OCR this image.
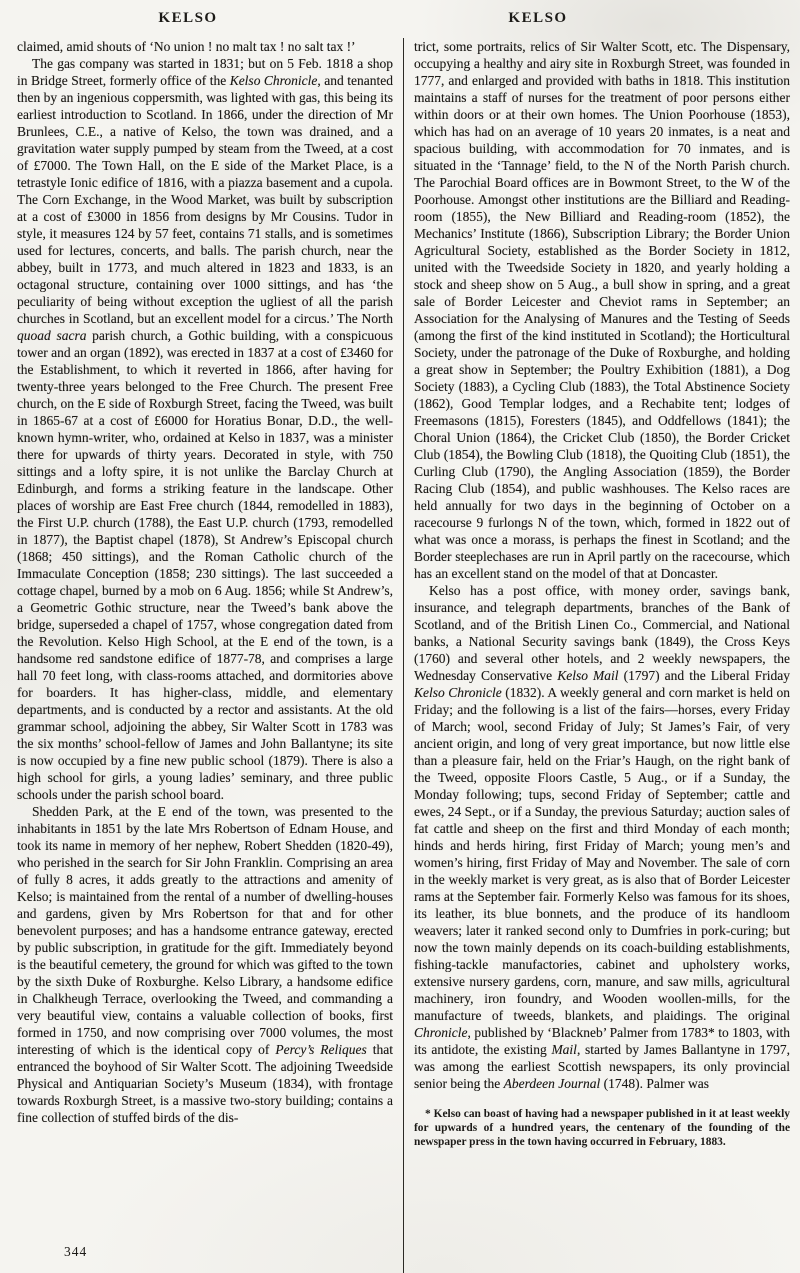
KELSO	KELSO

claimed, amid shouts of ‘No union ! no malt tax ! no salt tax !’

The gas company was started in 1831; but on 5 Feb. 1818 a shop in Bridge Street, formerly office of the Kelso Chronicle, and tenanted then by an ingenious coppersmith, was lighted with gas, this being its earliest introduction to Scotland. In 1866, under the direction of Mr Brunlees, C.E., a native of Kelso, the town was drained, and a gravitation water supply pumped by steam from the Tweed, at a cost of £7000. The Town Hall, on the E side of the Market Place, is a tetrastyle Ionic edifice of 1816, with a piazza basement and a cupola. The Corn Exchange, in the Wood Market, was built by subscription at a cost of £3000 in 1856 from designs by Mr Cousins. Tudor in style, it measures 124 by 57 feet, contains 71 stalls, and is sometimes used for lectures, concerts, and balls. The parish church, near the abbey, built in 1773, and much altered in 1823 and 1833, is an octagonal structure, containing over 1000 sittings, and has ‘the peculiarity of being without exception the ugliest of all the parish churches in Scotland, but an excellent model for a circus.’ The North quoad sacra parish church, a Gothic building, with a conspicuous tower and an organ (1892), was erected in 1837 at a cost of £3460 for the Establishment, to which it reverted in 1866, after having for twenty-three years belonged to the Free Church. The present Free church, on the E side of Roxburgh Street, facing the Tweed, was built in 1865-67 at a cost of £6000 for Horatius Bonar, D.D., the well-known hymn-writer, who, ordained at Kelso in 1837, was a minister there for upwards of thirty years. Decorated in style, with 750 sittings and a lofty spire, it is not unlike the Barclay Church at Edinburgh, and forms a striking feature in the landscape. Other places of worship are East Free church (1844, remodelled in 1883), the First U.P. church (1788), the East U.P. church (1793, remodelled in 1877), the Baptist chapel (1878), St Andrew’s Episcopal church (1868; 450 sittings), and the Roman Catholic church of the Immaculate Conception (1858; 230 sittings). The last succeeded a cottage chapel, burned by a mob on 6 Aug. 1856; while St Andrew’s, a Geometric Gothic structure, near the Tweed’s bank above the bridge, superseded a chapel of 1757, whose congregation dated from the Revolution. Kelso High School, at the E end of the town, is a handsome red sandstone edifice of 1877-78, and comprises a large hall 70 feet long, with class-rooms attached, and dormitories above for boarders. It has higher-class, middle, and elementary departments, and is conducted by a rector and assistants. At the old grammar school, adjoining the abbey, Sir Walter Scott in 1783 was the six months’ school-fellow of James and John Ballantyne; its site is now occupied by a fine new public school (1879). There is also a high school for girls, a young ladies’ seminary, and three public schools under the parish school board.

Shedden Park, at the E end of the town, was presented to the inhabitants in 1851 by the late Mrs Robertson of Ednam House, and took its name in memory of her nephew, Robert Shedden (1820-49), who perished in the search for Sir John Franklin. Comprising an area of fully 8 acres, it adds greatly to the attractions and amenity of Kelso; is maintained from the rental of a number of dwelling-houses and gardens, given by Mrs Robertson for that and for other benevolent purposes; and has a handsome entrance gateway, erected by public subscription, in gratitude for the gift. Immediately beyond is the beautiful cemetery, the ground for which was gifted to the town by the sixth Duke of Roxburghe. Kelso Library, a handsome edifice in Chalkheugh Terrace, overlooking the Tweed, and commanding a very beautiful view, contains a valuable collection of books, first formed in 1750, and now comprising over 7000 volumes, the most interesting of which is the identical copy of Percy’s Reliques that entranced the boyhood of Sir Walter Scott. The adjoining Tweedside Physical and Antiquarian Society’s Museum (1834), with frontage towards Roxburgh Street, is a massive two-story building; contains a fine collection of stuffed birds of the dis-

trict, some portraits, relics of Sir Walter Scott, etc. The Dispensary, occupying a healthy and airy site in Roxburgh Street, was founded in 1777, and enlarged and provided with baths in 1818. This institution maintains a staff of nurses for the treatment of poor persons either within doors or at their own homes. The Union Poorhouse (1853), which has had on an average of 10 years 20 inmates, is a neat and spacious building, with accommodation for 70 inmates, and is situated in the ‘Tannage’ field, to the N of the North Parish church. The Parochial Board offices are in Bowmont Street, to the W of the Poorhouse. Amongst other institutions are the Billiard and Reading-room (1855), the New Billiard and Reading-room (1852), the Mechanics’ Institute (1866), Subscription Library; the Border Union Agricultural Society, established as the Border Society in 1812, united with the Tweedside Society in 1820, and yearly holding a stock and sheep show on 5 Aug., a bull show in spring, and a great sale of Border Leicester and Cheviot rams in September; an Association for the Analysing of Manures and the Testing of Seeds (among the first of the kind instituted in Scotland); the Horticultural Society, under the patronage of the Duke of Roxburghe, and holding a great show in September; the Poultry Exhibition (1881), a Dog Society (1883), a Cycling Club (1883), the Total Abstinence Society (1862), Good Templar lodges, and a Rechabite tent; lodges of Freemasons (1815), Foresters (1845), and Oddfellows (1841); the Choral Union (1864), the Cricket Club (1850), the Border Cricket Club (1854), the Bowling Club (1818), the Quoiting Club (1851), the Curling Club (1790), the Angling Association (1859), the Border Racing Club (1854), and public washhouses. The Kelso races are held annually for two days in the beginning of October on a racecourse 9 furlongs N of the town, which, formed in 1822 out of what was once a morass, is perhaps the finest in Scotland; and the Border steeplechases are run in April partly on the racecourse, which has an excellent stand on the model of that at Doncaster.

Kelso has a post office, with money order, savings bank, insurance, and telegraph departments, branches of the Bank of Scotland, and of the British Linen Co., Commercial, and National banks, a National Security savings bank (1849), the Cross Keys (1760) and several other hotels, and 2 weekly newspapers, the Wednesday Conservative Kelso Mail (1797) and the Liberal Friday Kelso Chronicle (1832). A weekly general and corn market is held on Friday; and the following is a list of the fairs—horses, every Friday of March; wool, second Friday of July; St James’s Fair, of very ancient origin, and long of very great importance, but now little else than a pleasure fair, held on the Friar’s Haugh, on the right bank of the Tweed, opposite Floors Castle, 5 Aug., or if a Sunday, the Monday following; tups, second Friday of September; cattle and ewes, 24 Sept., or if a Sunday, the previous Saturday; auction sales of fat cattle and sheep on the first and third Monday of each month; hinds and herds hiring, first Friday of March; young men’s and women’s hiring, first Friday of May and November. The sale of corn in the weekly market is very great, as is also that of Border Leicester rams at the September fair. Formerly Kelso was famous for its shoes, its leather, its blue bonnets, and the produce of its handloom weavers; later it ranked second only to Dumfries in pork-curing; but now the town mainly depends on its coach-building establishments, fishing-tackle manufactories, cabinet and upholstery works, extensive nursery gardens, corn, manure, and saw mills, agricultural machinery, iron foundry, and Wooden woollen-mills, for the manufacture of tweeds, blankets, and plaidings. The original Chronicle, published by ‘Blackneb’ Palmer from 1783* to 1803, with its antidote, the existing Mail, started by James Ballantyne in 1797, was among the earliest Scottish newspapers, its only provincial senior being the Aberdeen Journal (1748). Palmer was

* Kelso can boast of having had a newspaper published in it at least weekly for upwards of a hundred years, the centenary of the founding of the newspaper press in the town having occurred in February, 1883.

344
